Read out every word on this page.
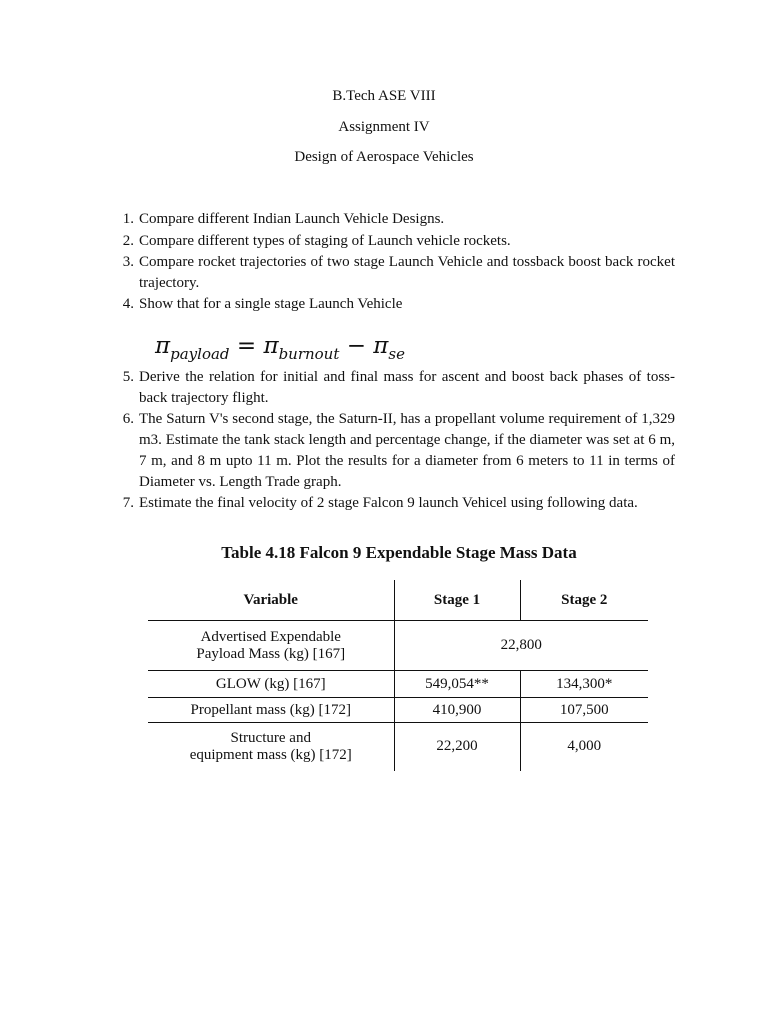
B.Tech ASE VIII
Assignment IV
Design of Aerospace Vehicles
1. Compare different Indian Launch Vehicle Designs.
2. Compare different types of staging of Launch vehicle rockets.
3. Compare rocket trajectories of two stage Launch Vehicle and tossback boost back rocket trajectory.
4. Show that for a single stage Launch Vehicle
$\pi_{payload} = \pi_{burnout} - \pi_{se}$
5. Derive the relation for initial and final mass for ascent and boost back phases of toss-back trajectory flight.
6. The Saturn V's second stage, the Saturn-II, has a propellant volume requirement of 1,329 m3. Estimate the tank stack length and percentage change, if the diameter was set at 6 m, 7 m, and 8 m upto 11 m. Plot the results for a diameter from 6 meters to 11 in terms of Diameter vs. Length Trade graph.
7. Estimate the final velocity of 2 stage Falcon 9 launch Vehicel using following data.
Table 4.18 Falcon 9 Expendable Stage Mass Data
Variable	Stage 1	Stage 2

Advertised Expendable
Payload Mass (kg) [167]	22,800	
GLOW (kg) [167]	549,054**	134,300*
Propellant mass (kg) [172]	410,900	107,500

Structure and
equipment mass (kg) [172]	22,200	4,000
